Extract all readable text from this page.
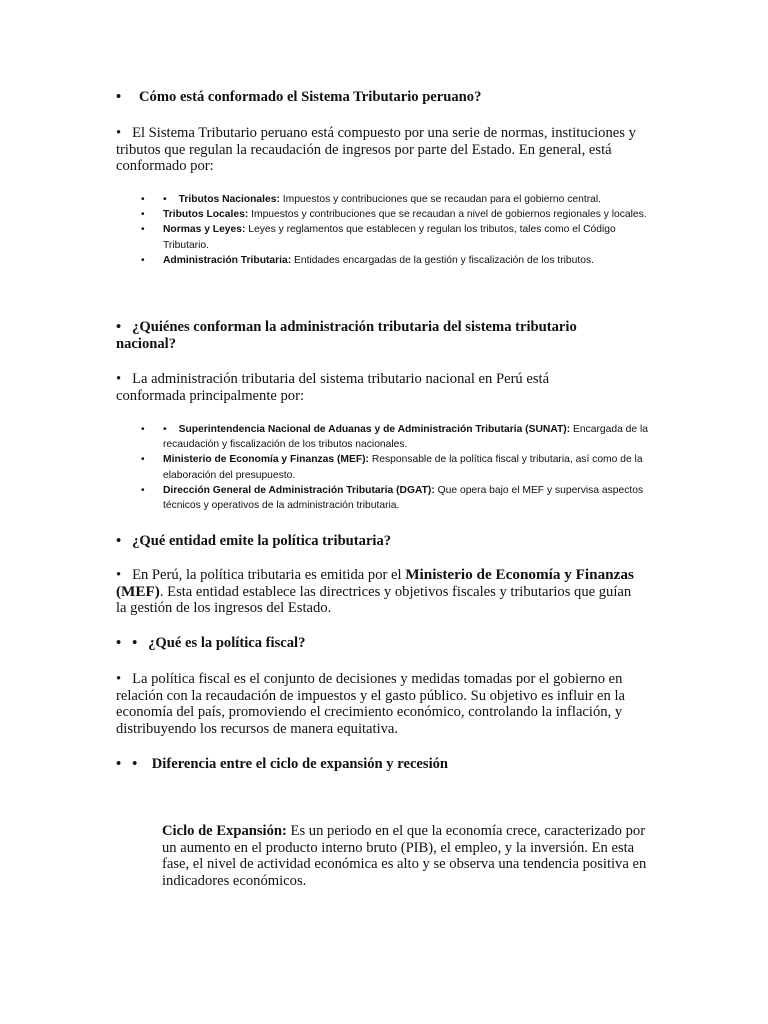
• Cómo está conformado el Sistema Tributario peruano?
• El Sistema Tributario peruano está compuesto por una serie de normas, instituciones y tributos que regulan la recaudación de ingresos por parte del Estado. En general, está conformado por:
• • Tributos Nacionales: Impuestos y contribuciones que se recaudan para el gobierno central.
• Tributos Locales: Impuestos y contribuciones que se recaudan a nivel de gobiernos regionales y locales.
• Normas y Leyes: Leyes y reglamentos que establecen y regulan los tributos, tales como el Código Tributario.
• Administración Tributaria: Entidades encargadas de la gestión y fiscalización de los tributos.
• ¿Quiénes conforman la administración tributaria del sistema tributario nacional?
• La administración tributaria del sistema tributario nacional en Perú está conformada principalmente por:
• • Superintendencia Nacional de Aduanas y de Administración Tributaria (SUNAT): Encargada de la recaudación y fiscalización de los tributos nacionales.
• Ministerio de Economía y Finanzas (MEF): Responsable de la política fiscal y tributaria, así como de la elaboración del presupuesto.
• Dirección General de Administración Tributaria (DGAT): Que opera bajo el MEF y supervisa aspectos técnicos y operativos de la administración tributaria.
• ¿Qué entidad emite la política tributaria?
• En Perú, la política tributaria es emitida por el Ministerio de Economía y Finanzas (MEF). Esta entidad establece las directrices y objetivos fiscales y tributarios que guían la gestión de los ingresos del Estado.
• • ¿Qué es la política fiscal?
• La política fiscal es el conjunto de decisiones y medidas tomadas por el gobierno en relación con la recaudación de impuestos y el gasto público. Su objetivo es influir en la economía del país, promoviendo el crecimiento económico, controlando la inflación, y distribuyendo los recursos de manera equitativa.
• • Diferencia entre el ciclo de expansión y recesión
Ciclo de Expansión: Es un periodo en el que la economía crece, caracterizado por un aumento en el producto interno bruto (PIB), el empleo, y la inversión. En esta fase, el nivel de actividad económica es alto y se observa una tendencia positiva en indicadores económicos.
